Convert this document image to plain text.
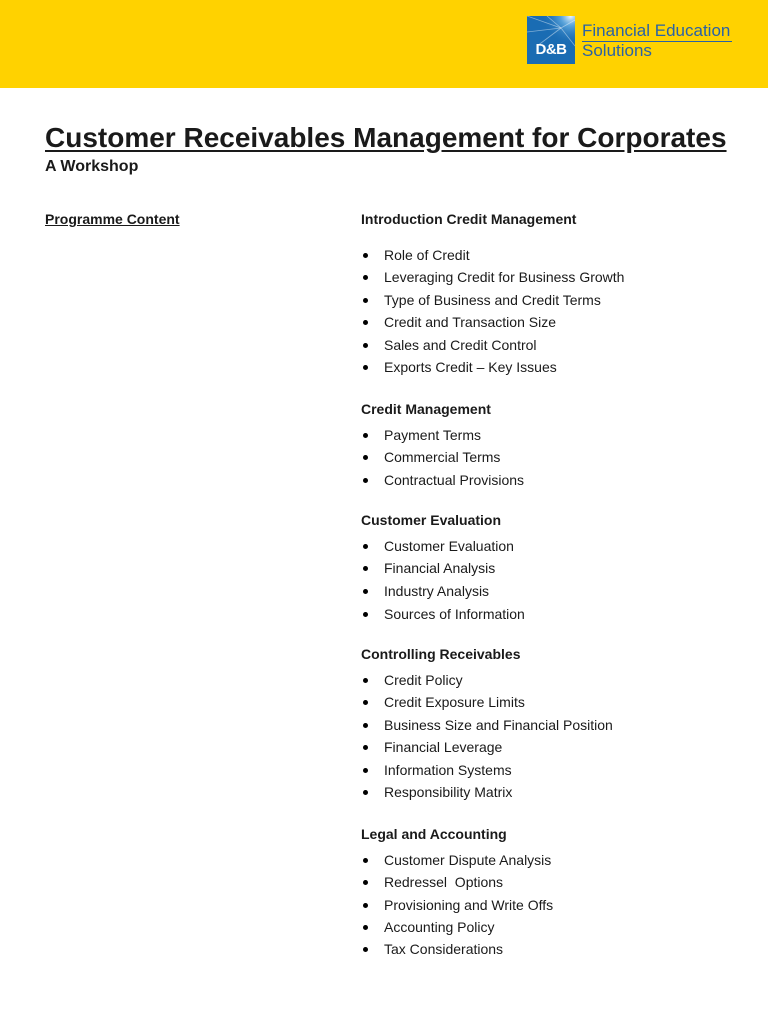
D&B
Financial Education
Solutions
Customer Receivables Management for Corporates
A Workshop
Programme Content	Introduction Credit Management
Role of Credit
Leveraging Credit for Business Growth
Type of Business and Credit Terms
Credit and Transaction Size
Sales and Credit Control
Exports Credit – Key Issues
Credit Management
Payment Terms
Commercial Terms
Contractual Provisions
Customer Evaluation
Customer Evaluation
Financial Analysis
Industry Analysis
Sources of Information
Controlling Receivables
Credit Policy
Credit Exposure Limits
Business Size and Financial Position
Financial Leverage
Information Systems
Responsibility Matrix
Legal and Accounting
Customer Dispute Analysis
Redressel  Options
Provisioning and Write Offs
Accounting Policy
Tax Considerations
